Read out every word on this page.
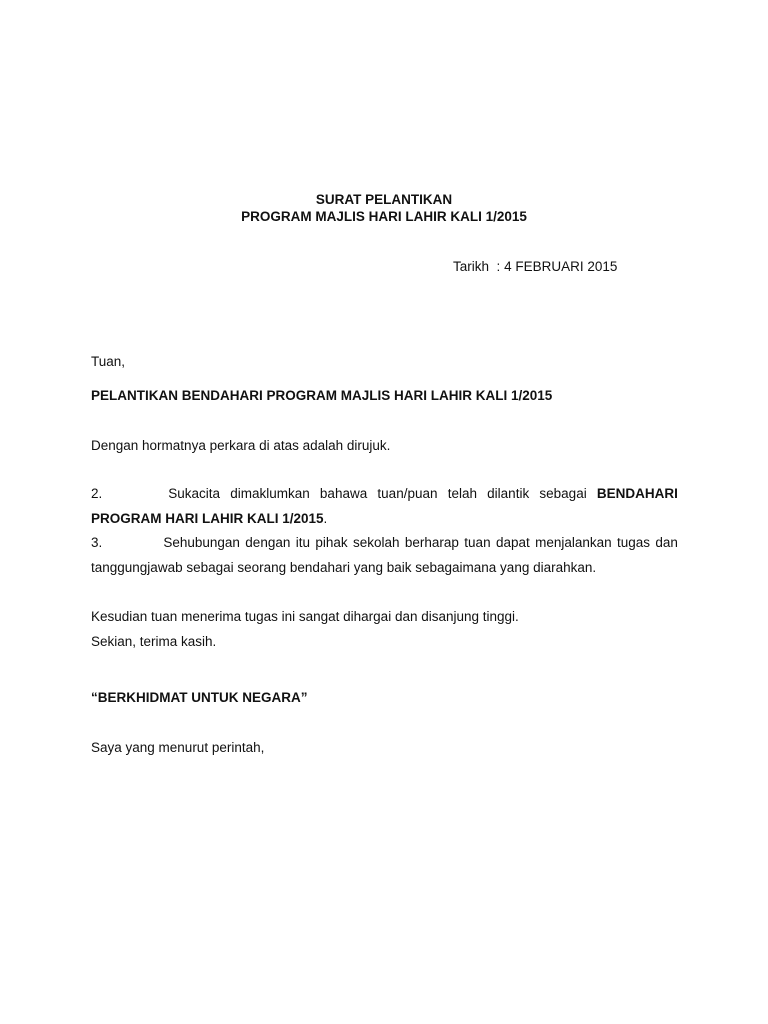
SURAT PELANTIKAN
PROGRAM MAJLIS HARI LAHIR KALI 1/2015
Tarikh : 4 FEBRUARI 2015
Tuan,
PELANTIKAN BENDAHARI PROGRAM MAJLIS HARI LAHIR KALI 1/2015
Dengan hormatnya perkara di atas adalah dirujuk.
2.	Sukacita dimaklumkan bahawa tuan/puan telah dilantik sebagai BENDAHARI
PROGRAM HARI LAHIR KALI 1/2015.
3.	Sehubungan dengan itu pihak sekolah berharap tuan dapat menjalankan tugas dan
tanggungjawab sebagai seorang bendahari yang baik sebagaimana yang diarahkan.
Kesudian tuan menerima tugas ini sangat dihargai dan disanjung tinggi.
Sekian, terima kasih.
“BERKHIDMAT UNTUK NEGARA”
Saya yang menurut perintah,
